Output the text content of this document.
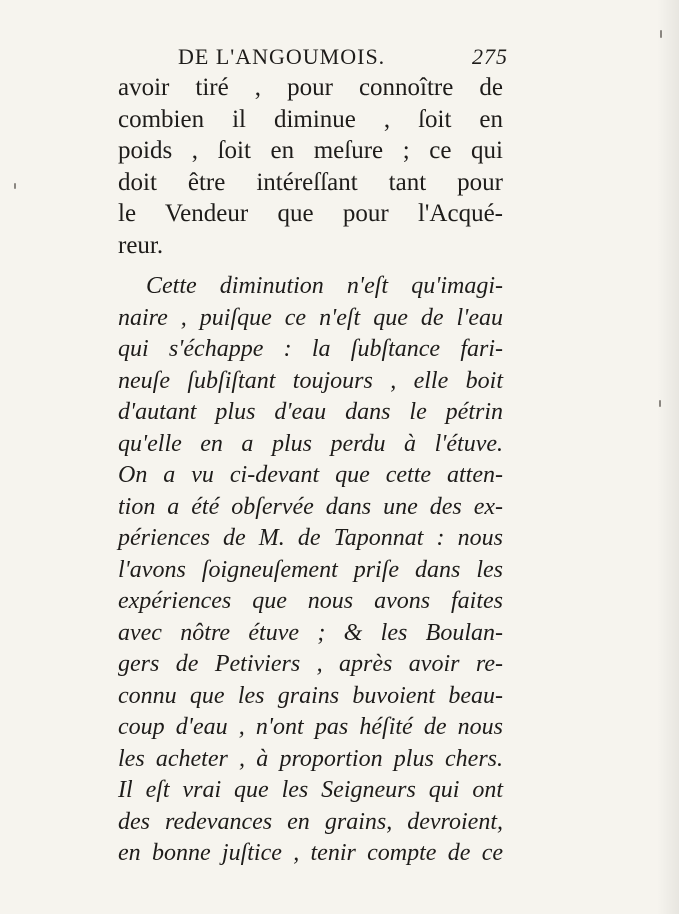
DE L'ANGOUMOIS.	275
avoir tiré , pour connoître de
combien il diminue , ſoit en
poids , ſoit en meſure ; ce qui
doit être intéreſſant tant pour
le Vendeur que pour l'Acqué-
reur.
Cette diminution n'eſt qu'imagi-
naire , puiſque ce n'eſt que de l'eau
qui s'échappe : la ſubſtance fari-
neuſe ſubſiſtant toujours , elle boit
d'autant plus d'eau dans le pétrin
qu'elle en a plus perdu à l'étuve.
On a vu ci-devant que cette atten-
tion a été obſervée dans une des ex-
périences de M. de Taponnat : nous
l'avons ſoigneuſement priſe dans les
expériences que nous avons faites
avec nôtre étuve ; & les Boulan-
gers de Petiviers , après avoir re-
connu que les grains buvoient beau-
coup d'eau , n'ont pas héſité de nous
les acheter , à proportion plus chers.
Il eſt vrai que les Seigneurs qui ont
des redevances en grains, devroient,
en bonne juſtice , tenir compte de ce
